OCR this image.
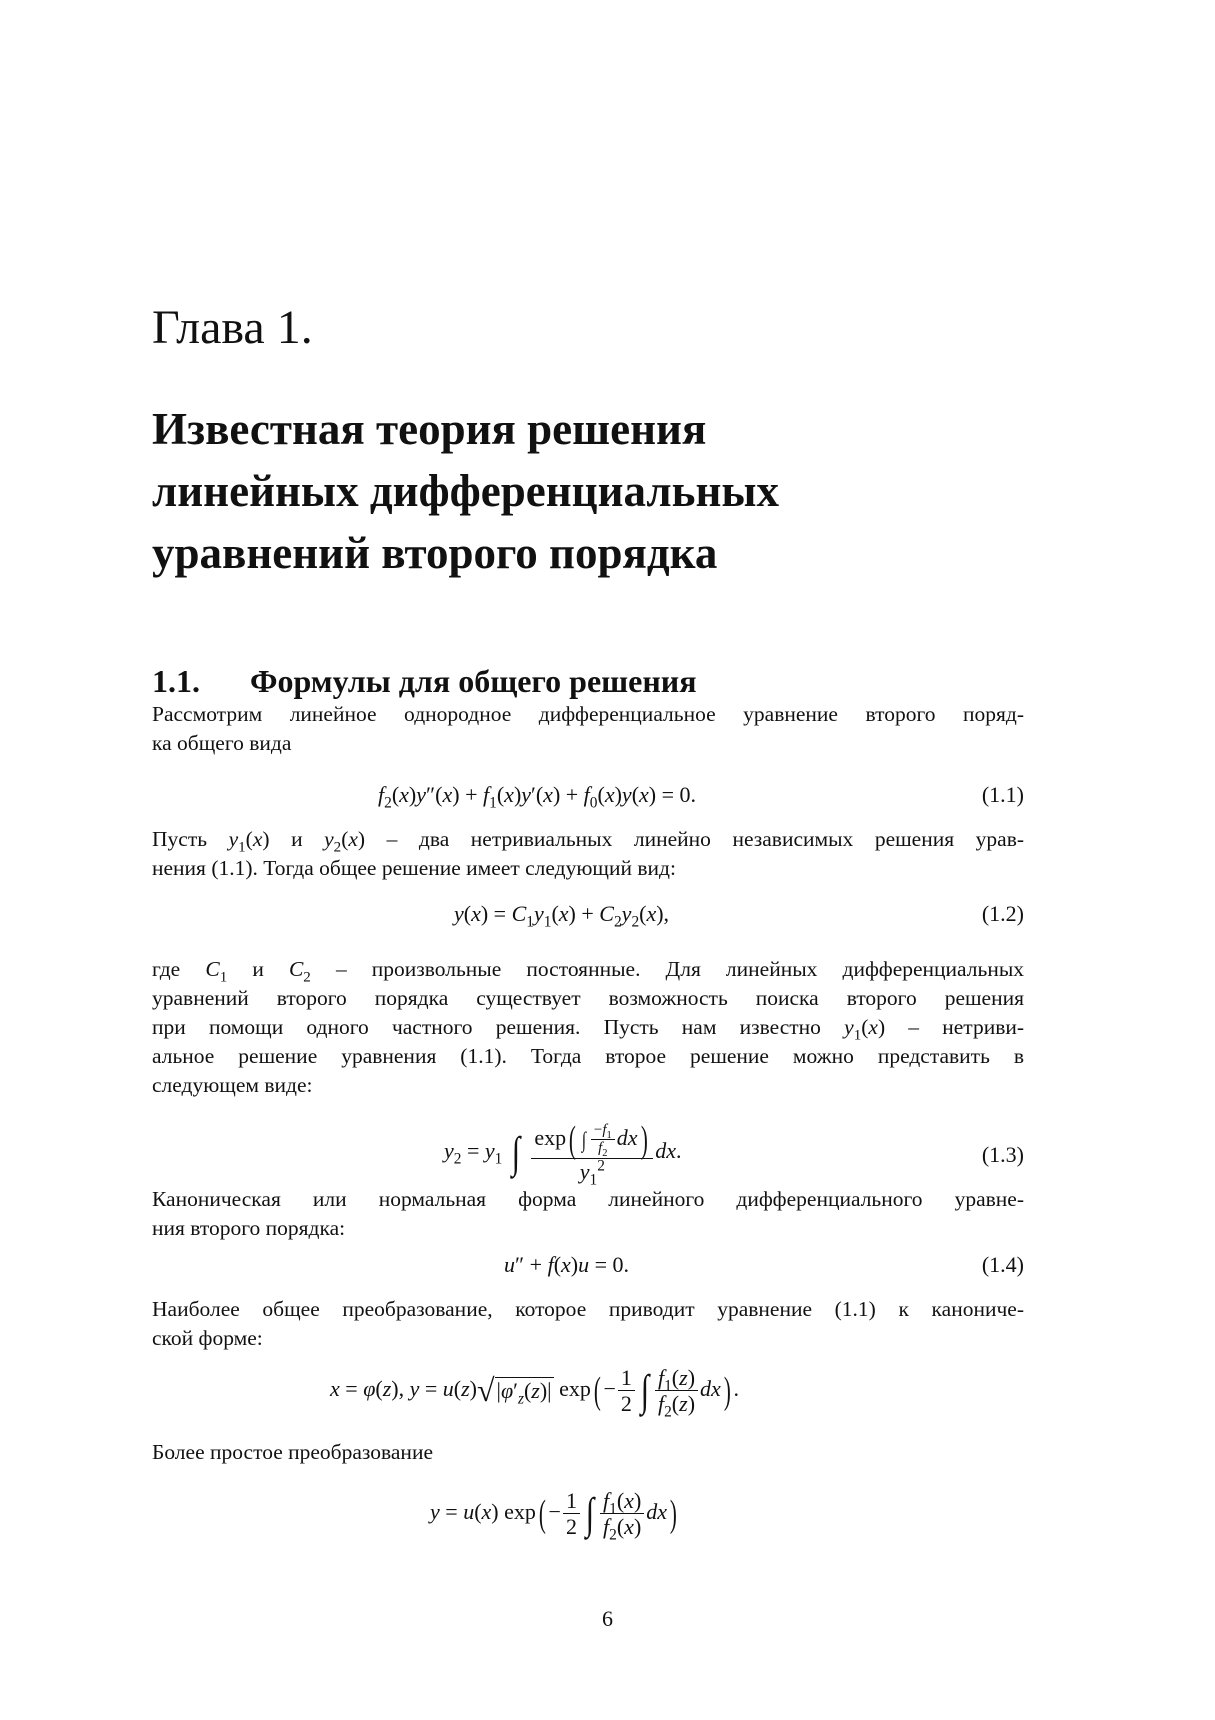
Глава 1.
Известная теория решения
линейных дифференциальных
уравнений второго порядка
1.1. Формулы для общего решения
Рассмотрим линейное однородное дифференциальное уравнение второго поряд-
ка общего вида
$f_2(x)y''(x) + f_1(x)y'(x) + f_0(x)y(x) = 0$.	(1.1)
Пусть $y_1(x)$ и $y_2(x)$ – два нетривиальных линейно независимых решения урав-
нения (1.1). Тогда общее решение имеет следующий вид:
$y(x) = C_1y_1(x) + C_2y_2(x)$,	(1.2)
где $C_1$ и $C_2$ – произвольные постоянные. Для линейных дифференциальных
уравнений второго порядка существует возможность поиска второго решения
при помощи одного частного решения. Пусть нам известно $y_1(x)$ – нетриви-
альное решение уравнения (1.1). Тогда второе решение можно представить в
следующем виде:
$y_2 = y_1$ ∫ $\frac{\exp( \int \frac{-f_1}{f_2} dx)}{y_1^2}$ dx.	(1.3)
Каноническая или нормальная форма линейного дифференциального уравне-
ния второго порядка:
u″ + f(x)u = 0.	(1.4)
Наиболее общее преобразование, которое приводит уравнение (1.1) к канониче-
ской форме:
x = φ(z), $y = u(z)√|\varphi'_z(z)|$ $\exp( - \frac{1}{2}$ ∫ $\frac{f_1(z)}{f_2(z)} dx$) .
Более простое преобразование
y = u(x) $\exp( - \frac{1}{2}$ ∫ $\frac{f_1(x)}{f_2(x)} dx$)
6
